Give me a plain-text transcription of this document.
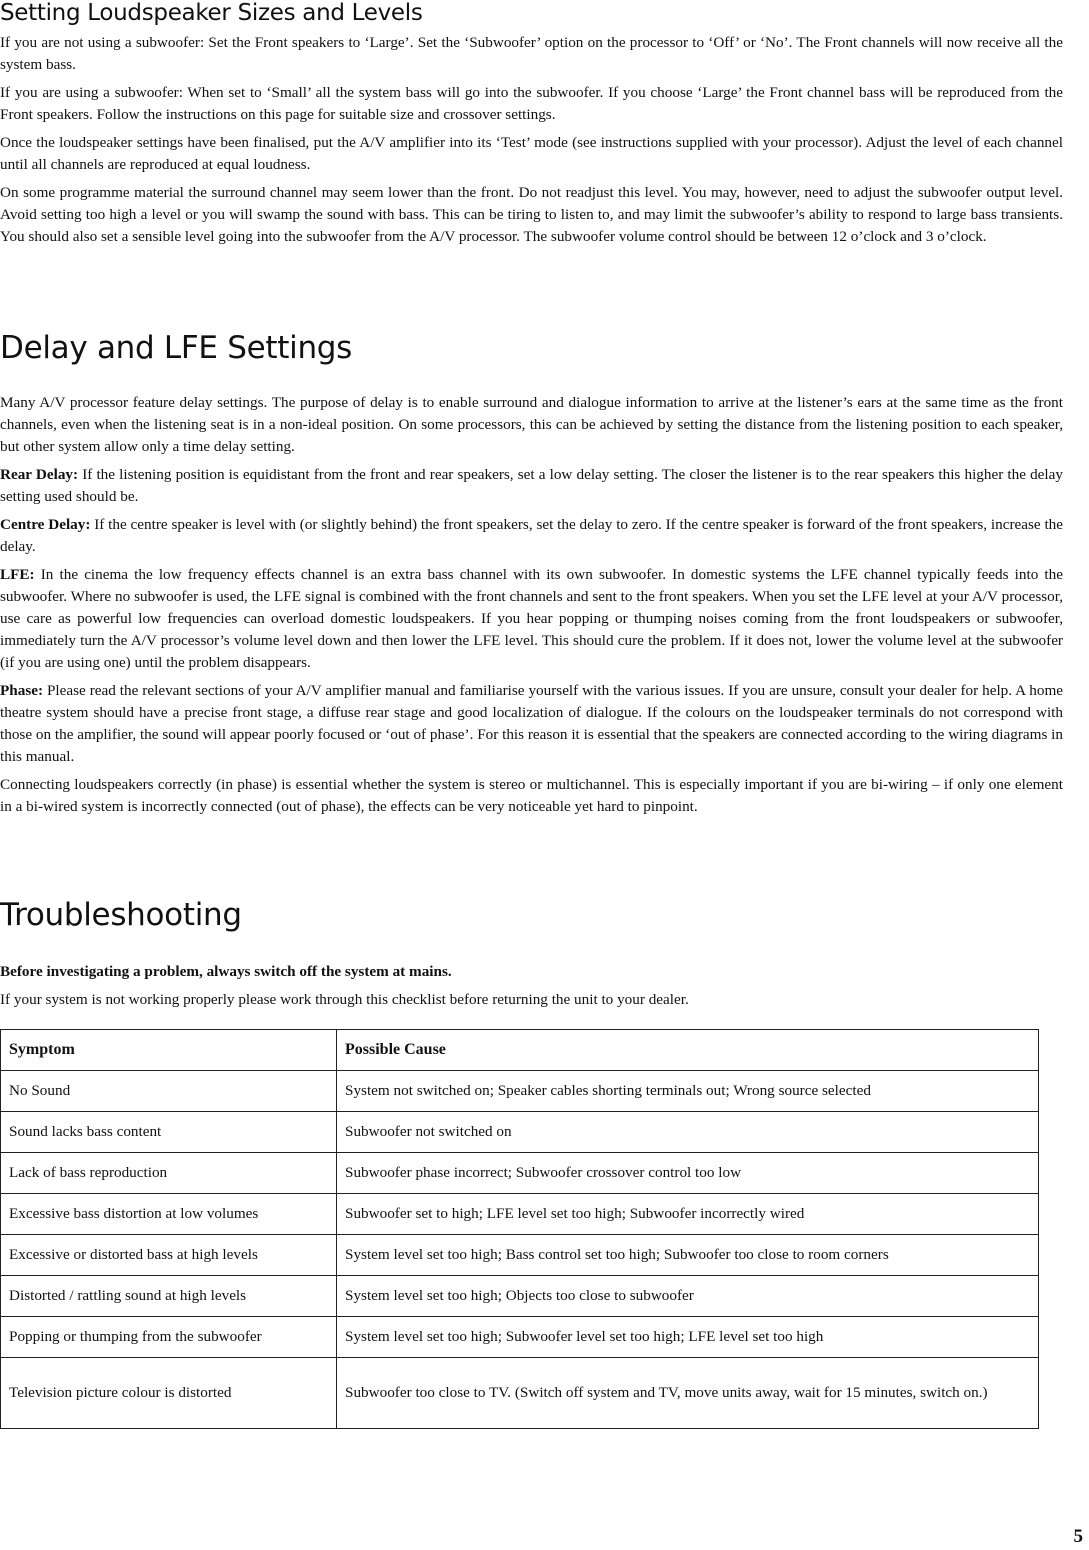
Setting Loudspeaker Sizes and Levels

If you are not using a subwoofer: Set the Front speakers to ‘Large’. Set the ‘Subwoofer’ option on the processor to ‘Off’ or ‘No’. The Front channels will now receive all the system bass.

If you are using a subwoofer: When set to ‘Small’ all the system bass will go into the subwoofer. If you choose ‘Large’ the Front channel bass will be reproduced from the Front speakers. Follow the instructions on this page for suitable size and crossover settings.

Once the loudspeaker settings have been finalised, put the A/V amplifier into its ‘Test’ mode (see instructions supplied with your processor). Adjust the level of each channel until all channels are reproduced at equal loudness.

On some programme material the surround channel may seem lower than the front. Do not readjust this level. You may, however, need to adjust the subwoofer output level. Avoid setting too high a level or you will swamp the sound with bass. This can be tiring to listen to, and may limit the subwoofer’s ability to respond to large bass transients. You should also set a sensible level going into the subwoofer from the A/V processor. The subwoofer volume control should be between 12 o’clock and 3 o’clock.

Delay and LFE Settings

Many A/V processor feature delay settings. The purpose of delay is to enable surround and dialogue information to arrive at the listener’s ears at the same time as the front channels, even when the listening seat is in a non-ideal position. On some processors, this can be achieved by setting the distance from the listening position to each speaker, but other system allow only a time delay setting.

Rear Delay: If the listening position is equidistant from the front and rear speakers, set a low delay setting. The closer the listener is to the rear speakers this higher the delay setting used should be.

Centre Delay: If the centre speaker is level with (or slightly behind) the front speakers, set the delay to zero. If the centre speaker is forward of the front speakers, increase the delay.

LFE: In the cinema the low frequency effects channel is an extra bass channel with its own subwoofer. In domestic systems the LFE channel typically feeds into the subwoofer. Where no subwoofer is used, the LFE signal is combined with the front channels and sent to the front speakers. When you set the LFE level at your A/V processor, use care as powerful low frequencies can overload domestic loudspeakers. If you hear popping or thumping noises coming from the front loudspeakers or subwoofer, immediately turn the A/V processor’s volume level down and then lower the LFE level. This should cure the problem. If it does not, lower the volume level at the subwoofer (if you are using one) until the problem disappears.

Phase: Please read the relevant sections of your A/V amplifier manual and familiarise yourself with the various issues. If you are unsure, consult your dealer for help. A home theatre system should have a precise front stage, a diffuse rear stage and good localization of dialogue. If the colours on the loudspeaker terminals do not correspond with those on the amplifier, the sound will appear poorly focused or ‘out of phase’. For this reason it is essential that the speakers are connected according to the wiring diagrams in this manual.

Connecting loudspeakers correctly (in phase) is essential whether the system is stereo or multichannel. This is especially important if you are bi-wiring – if only one element in a bi-wired system is incorrectly connected (out of phase), the effects can be very noticeable yet hard to pinpoint.

Troubleshooting

Before investigating a problem, always switch off the system at mains.

If your system is not working properly please work through this checklist before returning the unit to your dealer.

Symptom	Possible Cause
No Sound	System not switched on; Speaker cables shorting terminals out; Wrong source selected
Sound lacks bass content	Subwoofer not switched on
Lack of bass reproduction	Subwoofer phase incorrect; Subwoofer crossover control too low
Excessive bass distortion at low volumes	Subwoofer set to high; LFE level set too high; Subwoofer incorrectly wired
Excessive or distorted bass at high levels	System level set too high; Bass control set too high; Subwoofer too close to room corners
Distorted / rattling sound at high levels	System level set too high; Objects too close to subwoofer
Popping or thumping from the subwoofer	System level set too high; Subwoofer level set too high; LFE level set too high
Television picture colour is distorted	Subwoofer too close to TV. (Switch off system and TV, move units away, wait for 15 minutes, switch on.)
5
